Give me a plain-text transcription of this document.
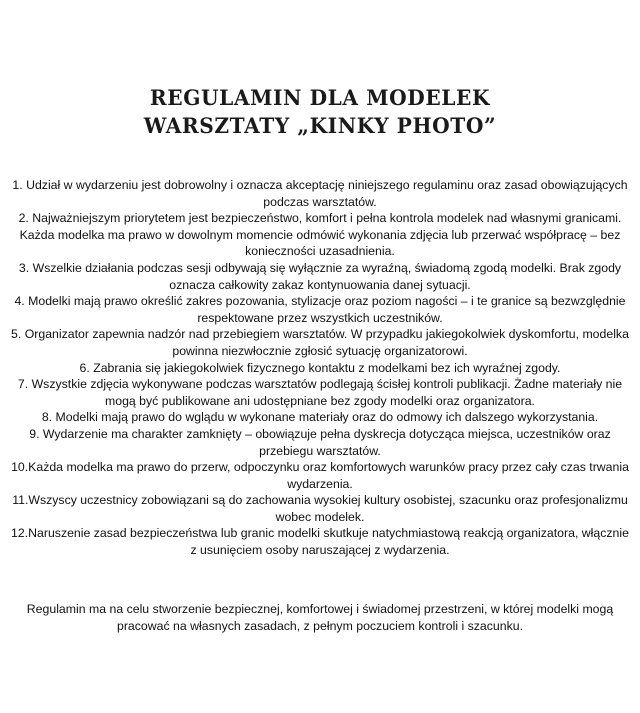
REGULAMIN DLA MODELEK
WARSZTATY „KINKY PHOTO”

1. Udział w wydarzeniu jest dobrowolny i oznacza akceptację niniejszego regulaminu oraz zasad obowiązujących podczas warsztatów.

2. Najważniejszym priorytetem jest bezpieczeństwo, komfort i pełna kontrola modelek nad własnymi granicami. Każda modelka ma prawo w dowolnym momencie odmówić wykonania zdjęcia lub przerwać współpracę – bez konieczności uzasadnienia.

3. Wszelkie działania podczas sesji odbywają się wyłącznie za wyraźną, świadomą zgodą modelki. Brak zgody oznacza całkowity zakaz kontynuowania danej sytuacji.

4. Modelki mają prawo określić zakres pozowania, stylizacje oraz poziom nagości – i te granice są bezwzględnie respektowane przez wszystkich uczestników.

5. Organizator zapewnia nadzór nad przebiegiem warsztatów. W przypadku jakiegokolwiek dyskomfortu, modelka powinna niezwłocznie zgłosić sytuację organizatorowi.

6. Zabrania się jakiegokolwiek fizycznego kontaktu z modelkami bez ich wyraźnej zgody.

7. Wszystkie zdjęcia wykonywane podczas warsztatów podlegają ścisłej kontroli publikacji. Żadne materiały nie mogą być publikowane ani udostępniane bez zgody modelki oraz organizatora.

8. Modelki mają prawo do wglądu w wykonane materiały oraz do odmowy ich dalszego wykorzystania.

9. Wydarzenie ma charakter zamknięty – obowiązuje pełna dyskrecja dotycząca miejsca, uczestników oraz przebiegu warsztatów.

10.Każda modelka ma prawo do przerw, odpoczynku oraz komfortowych warunków pracy przez cały czas trwania wydarzenia.

11.Wszyscy uczestnicy zobowiązani są do zachowania wysokiej kultury osobistej, szacunku oraz profesjonalizmu wobec modelek.

12.Naruszenie zasad bezpieczeństwa lub granic modelki skutkuje natychmiastową reakcją organizatora, włącznie z usunięciem osoby naruszającej z wydarzenia.

Regulamin ma na celu stworzenie bezpiecznej, komfortowej i świadomej przestrzeni, w której modelki mogą pracować na własnych zasadach, z pełnym poczuciem kontroli i szacunku.
